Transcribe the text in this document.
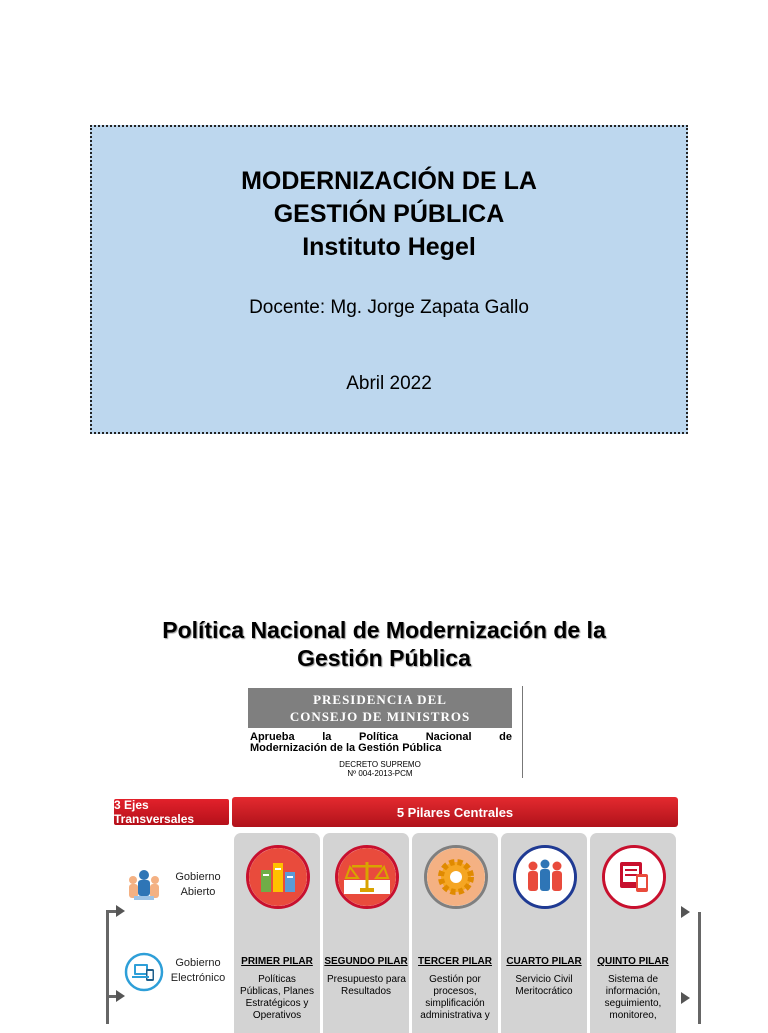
MODERNIZACIÓN DE LA
GESTIÓN PÚBLICA
Instituto Hegel
Docente: Mg. Jorge Zapata Gallo
Abril 2022
Política Nacional de Modernización de la
Gestión Pública
PRESIDENCIA DEL
CONSEJO DE MINISTROS
Aprueba la Política Nacional de
Modernización de la Gestión Pública
DECRETO SUPREMO
Nº 004-2013-PCM
3 Ejes Transversales	5 Pilares Centrales
Gobierno
Abierto
Gobierno
Electrónico
PRIMER PILAR
Políticas
Públicas, Planes
Estratégicos y
Operativos
SEGUNDO PILAR
Presupuesto para
Resultados
TERCER PILAR
Gestión por
procesos,
simplificación
administrativa y
CUARTO PILAR
Servicio Civil
Meritocrático
QUINTO PILAR
Sistema de
información,
seguimiento,
monitoreo,
